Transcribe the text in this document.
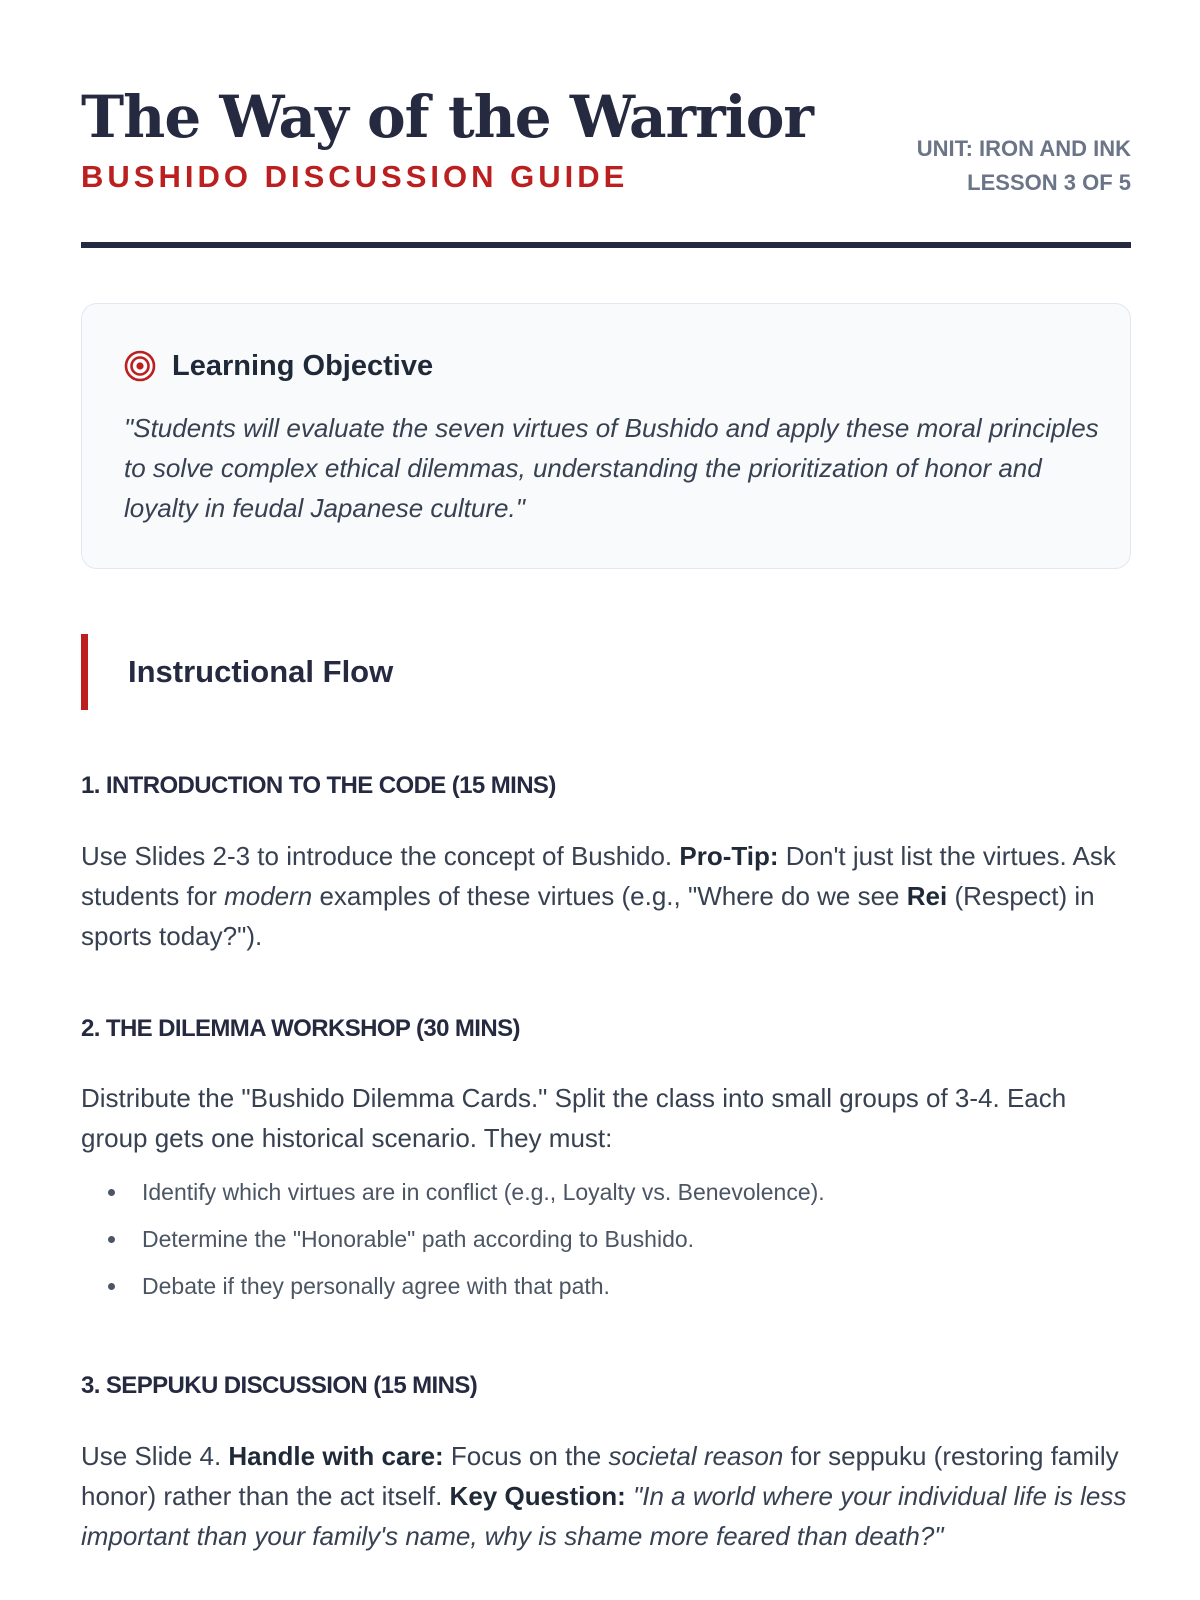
The Way of the Warrior
BUSHIDO DISCUSSION GUIDE
UNIT: IRON AND INK
LESSON 3 OF 5
Learning Objective

"Students will evaluate the seven virtues of Bushido and apply these moral principles to solve complex ethical dilemmas, understanding the prioritization of honor and loyalty in feudal Japanese culture."

Instructional Flow
1. INTRODUCTION TO THE CODE (15 MINS)

Use Slides 2-3 to introduce the concept of Bushido. Pro-Tip: Don't just list the virtues. Ask students for modern examples of these virtues (e.g., "Where do we see Rei (Respect) in sports today?").

2. THE DILEMMA WORKSHOP (30 MINS)

Distribute the "Bushido Dilemma Cards." Split the class into small groups of 3-4. Each group gets one historical scenario. They must:

Identify which virtues are in conflict (e.g., Loyalty vs. Benevolence).
Determine the "Honorable" path according to Bushido.
Debate if they personally agree with that path.
3. SEPPUKU DISCUSSION (15 MINS)

Use Slide 4. Handle with care: Focus on the societal reason for seppuku (restoring family honor) rather than the act itself. Key Question: "In a world where your individual life is less important than your family's name, why is shame more feared than death?"
